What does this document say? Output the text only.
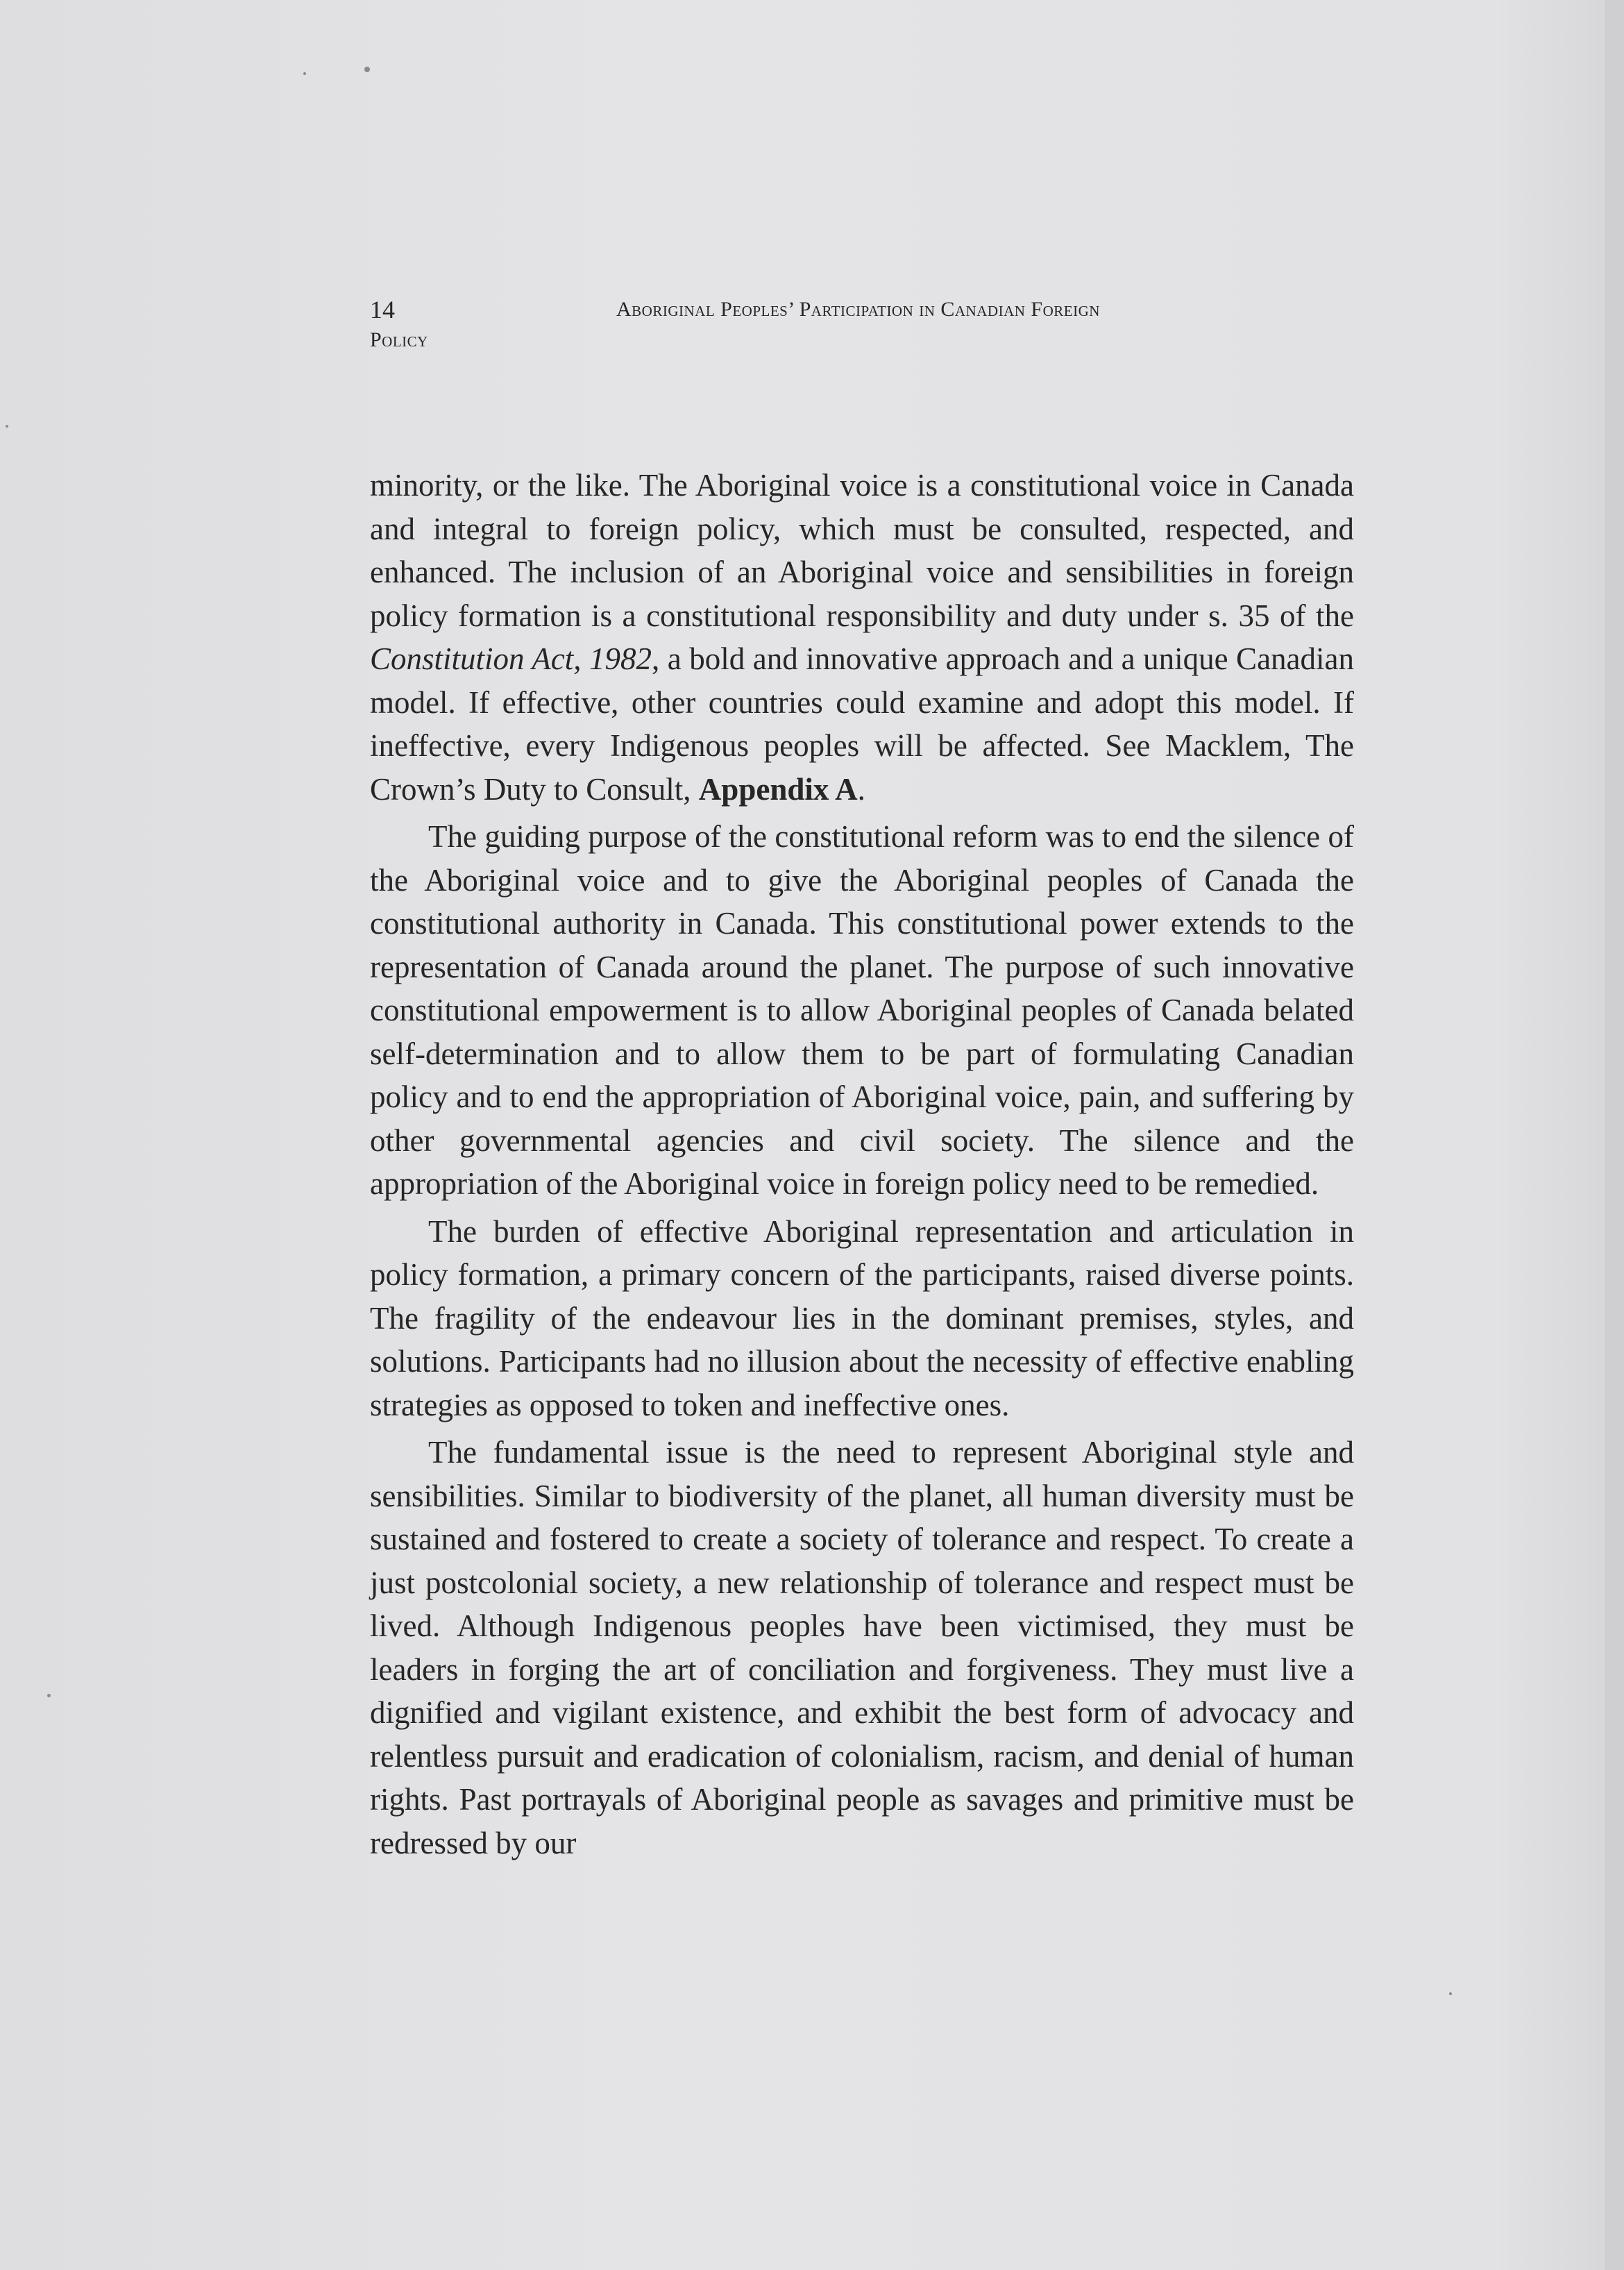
14	Aboriginal Peoples’ Participation in Canadian Foreign
Policy

minority, or the like. The Aboriginal voice is a constitutional voice in Canada and integral to foreign policy, which must be consulted, respected, and enhanced. The inclusion of an Aboriginal voice and sensibilities in foreign policy formation is a constitutional responsibility and duty under s. 35 of the Constitution Act, 1982, a bold and innovative approach and a unique Canadian model. If effective, other countries could examine and adopt this model. If ineffective, every Indigenous peoples will be affected. See Macklem, The Crown’s Duty to Consult, Appendix A.

The guiding purpose of the constitutional reform was to end the silence of the Aboriginal voice and to give the Aboriginal peoples of Canada the constitutional authority in Canada. This constitutional power extends to the representation of Canada around the planet. The purpose of such innovative constitutional empowerment is to allow Aboriginal peoples of Canada belated self-determination and to allow them to be part of formulating Canadian policy and to end the appropriation of Aboriginal voice, pain, and suffering by other governmental agencies and civil society. The silence and the appropriation of the Aboriginal voice in foreign policy need to be remedied.

The burden of effective Aboriginal representation and articulation in policy formation, a primary concern of the participants, raised diverse points. The fragility of the endeavour lies in the dominant premises, styles, and solutions. Participants had no illusion about the necessity of effective enabling strategies as opposed to token and ineffective ones.

The fundamental issue is the need to represent Aboriginal style and sensibilities. Similar to biodiversity of the planet, all human diversity must be sustained and fostered to create a society of tolerance and respect. To create a just postcolonial society, a new relationship of tolerance and respect must be lived. Although Indigenous peoples have been victimised, they must be leaders in forging the art of conciliation and forgiveness. They must live a dignified and vigilant existence, and exhibit the best form of advocacy and relentless pursuit and eradication of colonialism, racism, and denial of human rights. Past portrayals of Aboriginal people as savages and primitive must be redressed by our
